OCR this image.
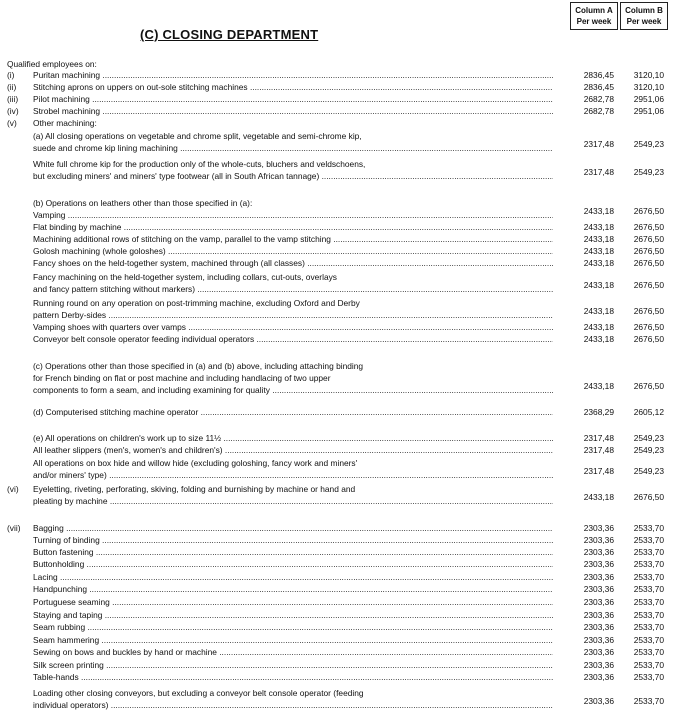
Column A
Per week
Column B
Per week
(C) CLOSING DEPARTMENT
Qualified employees on:
(i) Puritan machining .....	2836,45	3120,10
(ii) Stitching aprons on uppers on out-sole stitching machines .....	2836,45	3120,10
(iii) Pilot machining .....	2682,78	2951,06
(iv) Strobel machining .....	2682,78	2951,06
(v) Other machining:
(a) All closing operations on vegetable and chrome split, vegetable and semi-chrome kip,
suede and chrome kip lining machining .....	2317,48	2549,23
White full chrome kip for the production only of the whole-cuts, bluchers and veldschoens,
but excluding miners' and miners' type footwear (all in South African tannage) .....	2317,48	2549,23
(b) Operations on leathers other than those specified in (a):
Vamping .....	2433,18	2676,50
Flat binding by machine .....	2433,18	2676,50
Machining additional rows of stitching on the vamp, parallel to the vamp stitching .....	2433,18	2676,50
Golosh machining (whole goloshes) .....	2433,18	2676,50
Fancy shoes on the held-together system, machined through (all classes) .....	2433,18	2676,50
Fancy machining on the held-together system, including collars, cut-outs, overlays
and fancy pattern stitching without markers) .....	2433,18	2676,50
Running round on any operation on post-trimming machine, excluding Oxford and Derby
pattern Derby-sides .....	2433,18	2676,50
Vamping shoes with quarters over vamps .....	2433,18	2676,50
Conveyor belt console operator feeding individual operators .....	2433,18	2676,50
(c) Operations other than those specified in (a) and (b) above, including attaching binding
for French binding on flat or post machine and including handlacing of two upper
components to form a seam, and including examining for quality .....	2433,18	2676,50
(d) Computerised stitching machine operator .....	2368,29	2605,12
(e) All operations on children's work up to size 11½ .....	2317,48	2549,23
All leather slippers (men's, women's and children's) .....	2317,48	2549,23
All operations on box hide and willow hide (excluding goloshing, fancy work and miners'
and/or miners' type) .....	2317,48	2549,23
(vi) Eyeletting, riveting, perforating, skiving, folding and burnishing by machine or hand and
pleating by machine .....	2433,18	2676,50
(vii) Bagging .....	2303,36	2533,70
Turning of binding .....	2303,36	2533,70
Button fastening .....	2303,36	2533,70
Buttonholding .....	2303,36	2533,70
Lacing .....	2303,36	2533,70
Handpunching .....	2303,36	2533,70
Portuguese seaming .....	2303,36	2533,70
Staying and taping .....	2303,36	2533,70
Seam rubbing .....	2303,36	2533,70
Seam hammering .....	2303,36	2533,70
Sewing on bows and buckles by hand or machine .....	2303,36	2533,70
Silk screen printing .....	2303,36	2533,70
Table-hands .....	2303,36	2533,70
Loading other closing conveyors, but excluding a conveyor belt console operator (feeding
individual operators) .....	2303,36	2533,70
